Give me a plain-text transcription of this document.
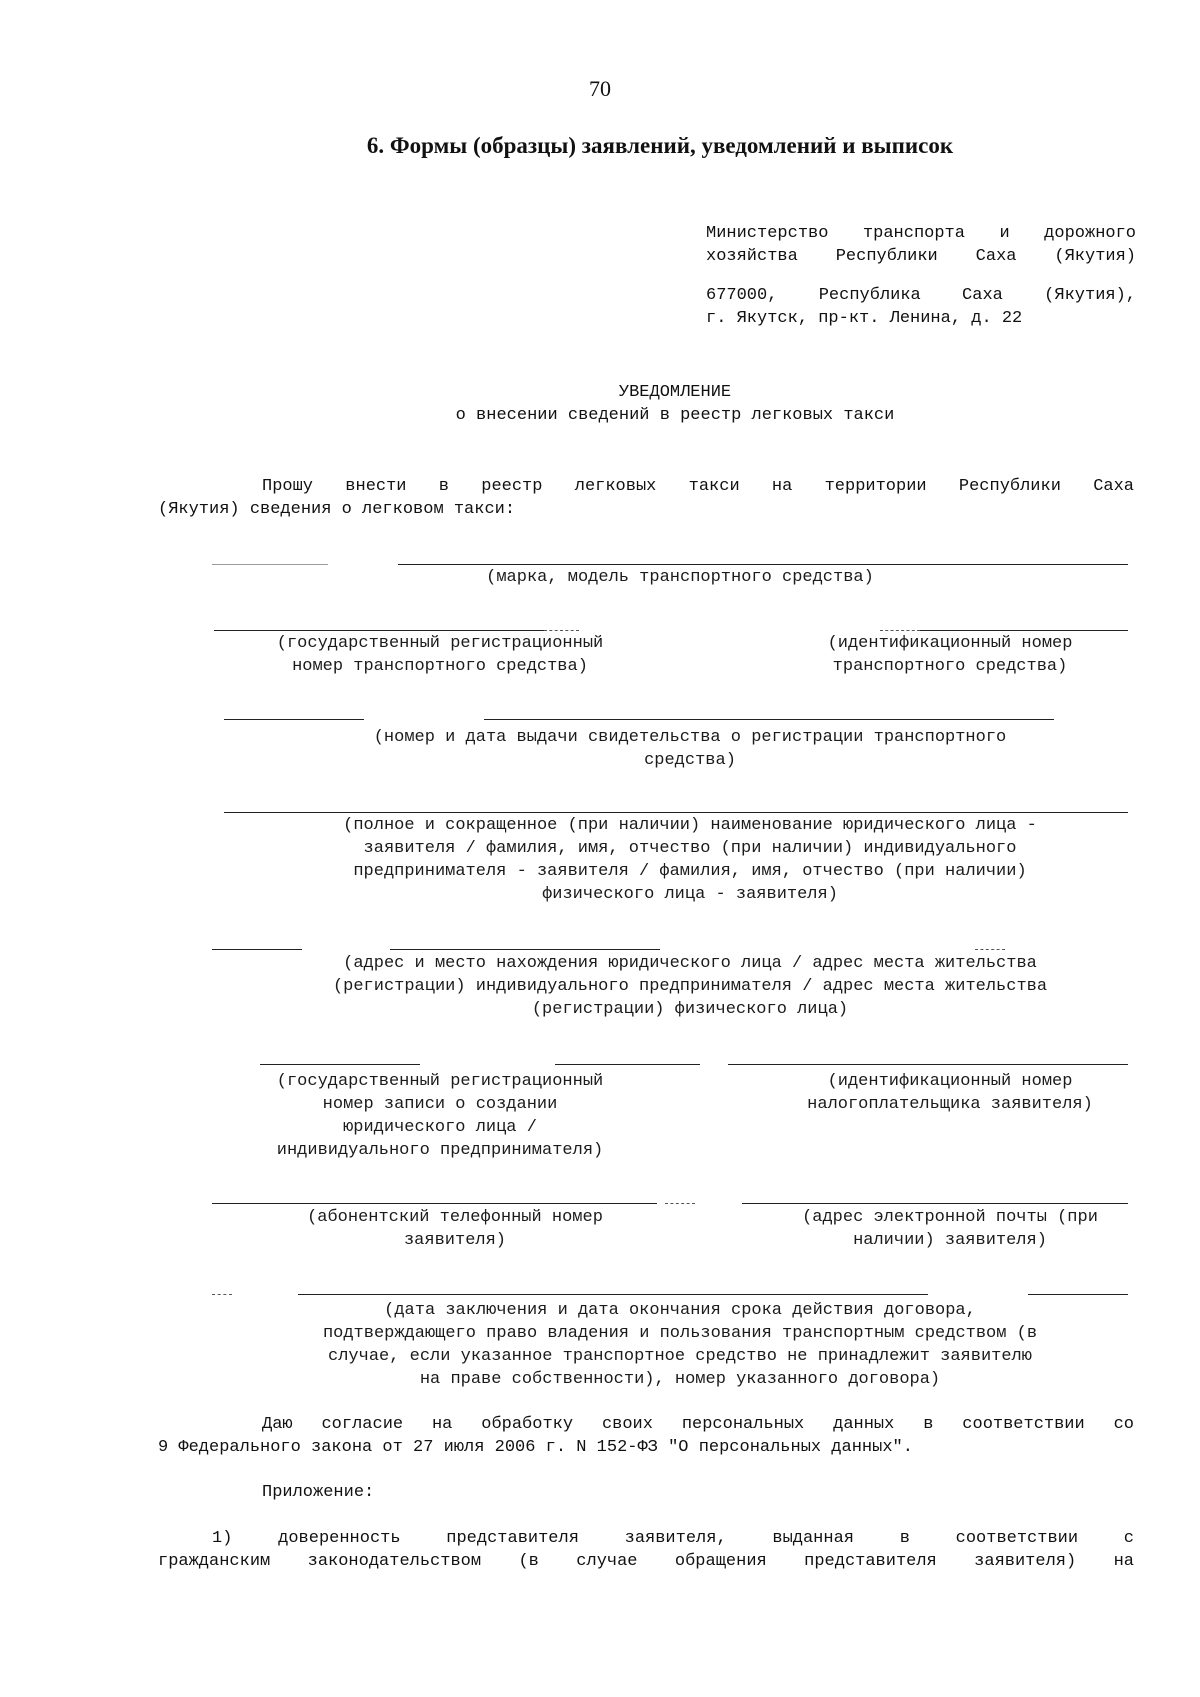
70
6. Формы (образцы) заявлений, уведомлений и выписок
Министерство транспорта и дорожного
хозяйства Республики Саха (Якутия)
677000, Республика Саха (Якутия),
г. Якутск, пр-кт. Ленина, д. 22
УВЕДОМЛЕНИЕ
о внесении сведений в реестр легковых такси
Прошу внести в реестр легковых такси на территории Республики Саха
(Якутия) сведения о легковом такси:
(марка, модель транспортного средства)
(государственный регистрационный
номер транспортного средства)
(идентификационный номер
транспортного средства)
(номер и дата выдачи свидетельства о регистрации транспортного
средства)
(полное и сокращенное (при наличии) наименование юридического лица -
заявителя / фамилия, имя, отчество (при наличии) индивидуального
предпринимателя - заявителя / фамилия, имя, отчество (при наличии)
физического лица - заявителя)
(адрес и место нахождения юридического лица / адрес места жительства
(регистрации) индивидуального предпринимателя / адрес места жительства
(регистрации) физического лица)
(государственный регистрационный
номер записи о создании
юридического лица /
индивидуального предпринимателя)
(идентификационный номер
налогоплательщика заявителя)
(абонентский телефонный номер
заявителя)
(адрес электронной почты (при
наличии) заявителя)
(дата заключения и дата окончания срока действия договора,
подтверждающего право владения и пользования транспортным средством (в
случае, если указанное транспортное средство не принадлежит заявителю
на праве собственности), номер указанного договора)
Даю согласие на обработку своих персональных данных в соответствии со
9 Федерального закона от 27 июля 2006 г. N 152-ФЗ "О персональных данных".
Приложение:
1) доверенность представителя заявителя, выданная в соответствии с
гражданским законодательством (в случае обращения представителя заявителя) на
